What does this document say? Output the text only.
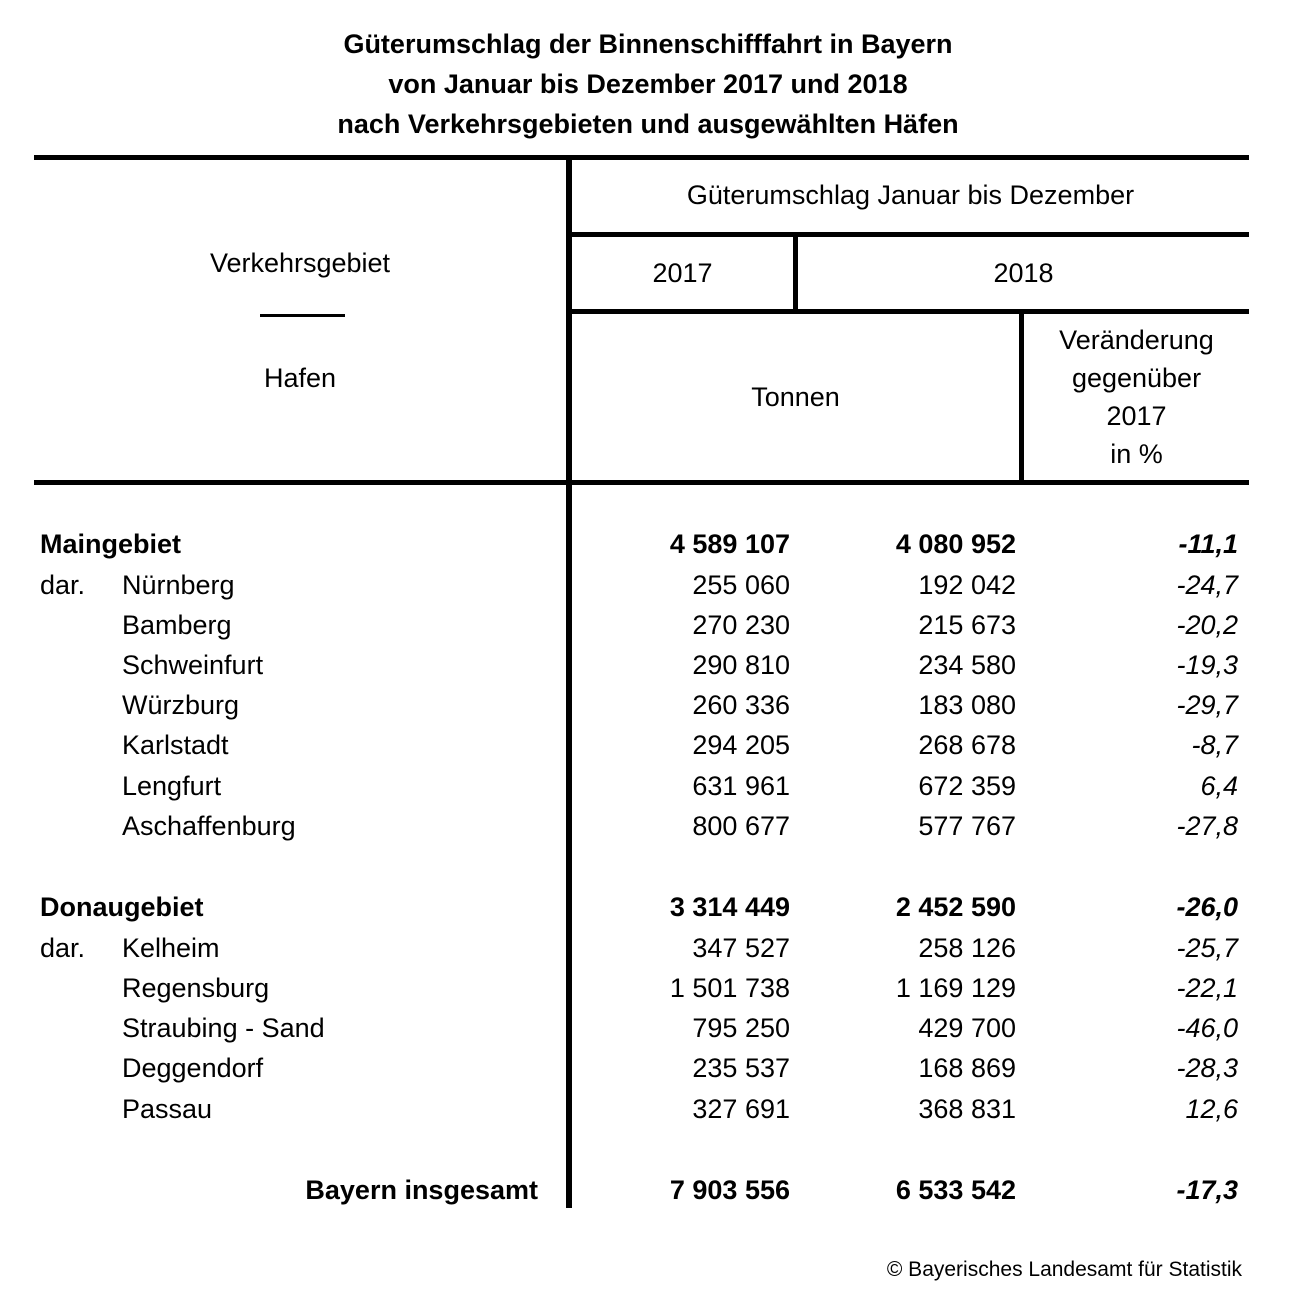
Güterumschlag der Binnenschifffahrt in Bayern
von Januar bis Dezember 2017 und 2018
nach Verkehrsgebieten und ausgewählten Häfen
Verkehrsgebiet
Hafen
Güterumschlag Januar bis Dezember
2017	2018
Tonnen
Veränderung
gegenüber
2017
in %
Maingebiet	4 589 107	4 080 952	-11,1
dar. Nürnberg	255 060	192 042	-24,7
Bamberg	270 230	215 673	-20,2
Schweinfurt	290 810	234 580	-19,3
Würzburg	260 336	183 080	-29,7
Karlstadt	294 205	268 678	-8,7
Lengfurt	631 961	672 359	6,4
Aschaffenburg	800 677	577 767	-27,8
Donaugebiet	3 314 449	2 452 590	-26,0
dar. Kelheim	347 527	258 126	-25,7
Regensburg	1 501 738	1 169 129	-22,1
Straubing - Sand	795 250	429 700	-46,0
Deggendorf	235 537	168 869	-28,3
Passau	327 691	368 831	12,6
Bayern insgesamt	7 903 556	6 533 542	-17,3
© Bayerisches Landesamt für Statistik
